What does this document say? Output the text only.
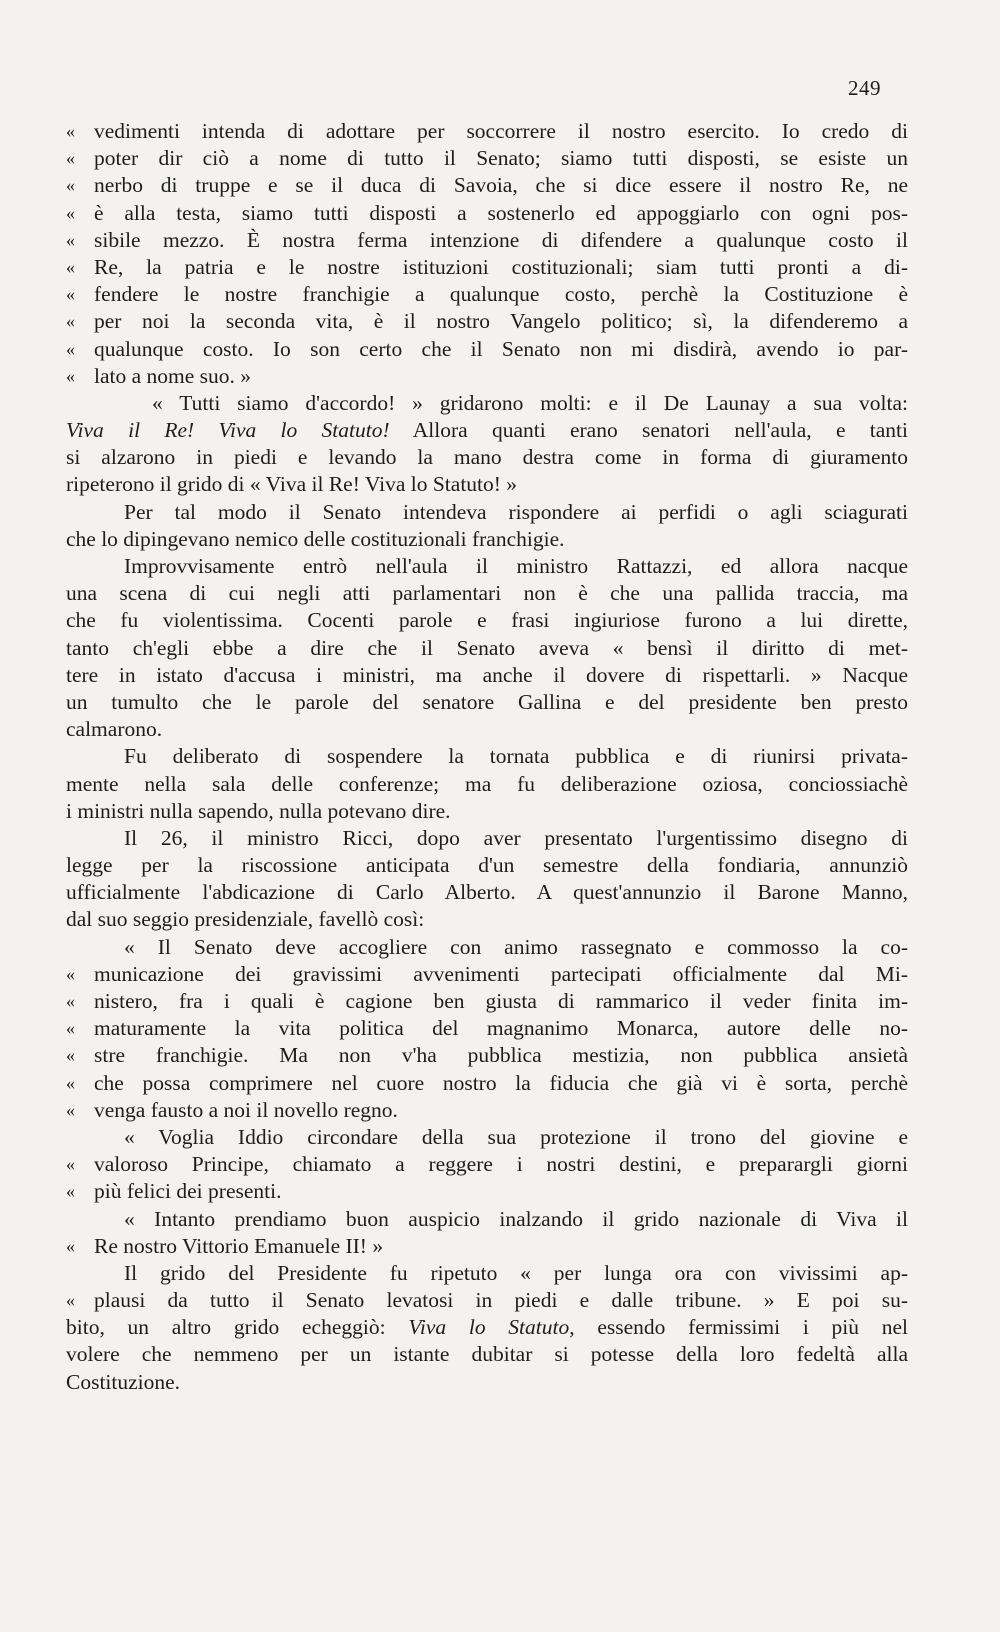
249
« vedimenti intenda di adottare per soccorrere il nostro esercito. Io credo di
« poter dir ciò a nome di tutto il Senato; siamo tutti disposti, se esiste un
« nerbo di truppe e se il duca di Savoia, che si dice essere il nostro Re, ne
« è alla testa, siamo tutti disposti a sostenerlo ed appoggiarlo con ogni pos-
« sibile mezzo. È nostra ferma intenzione di difendere a qualunque costo il
« Re, la patria e le nostre istituzioni costituzionali; siam tutti pronti a di-
« fendere le nostre franchigie a qualunque costo, perchè la Costituzione è
« per noi la seconda vita, è il nostro Vangelo politico; sì, la difenderemo a
« qualunque costo. Io son certo che il Senato non mi disdirà, avendo io par-
« lato a nome suo. »
« Tutti siamo d'accordo! » gridarono molti: e il De Launay a sua volta:
Viva il Re! Viva lo Statuto! Allora quanti erano senatori nell'aula, e tanti
si alzarono in piedi e levando la mano destra come in forma di giuramento
ripeterono il grido di « Viva il Re! Viva lo Statuto! »
Per tal modo il Senato intendeva rispondere ai perfidi o agli sciagurati
che lo dipingevano nemico delle costituzionali franchigie.
Improvvisamente entrò nell'aula il ministro Rattazzi, ed allora nacque
una scena di cui negli atti parlamentari non è che una pallida traccia, ma
che fu violentissima. Cocenti parole e frasi ingiuriose furono a lui dirette,
tanto ch'egli ebbe a dire che il Senato aveva « bensì il diritto di met-
tere in istato d'accusa i ministri, ma anche il dovere di rispettarli. » Nacque
un tumulto che le parole del senatore Gallina e del presidente ben presto
calmarono.
Fu deliberato di sospendere la tornata pubblica e di riunirsi privata-
mente nella sala delle conferenze; ma fu deliberazione oziosa, conciossiachè
i ministri nulla sapendo, nulla potevano dire.
Il 26, il ministro Ricci, dopo aver presentato l'urgentissimo disegno di
legge per la riscossione anticipata d'un semestre della fondiaria, annunziò
ufficialmente l'abdicazione di Carlo Alberto. A quest'annunzio il Barone Manno,
dal suo seggio presidenziale, favellò così:
« Il Senato deve accogliere con animo rassegnato e commosso la co-
« municazione dei gravissimi avvenimenti partecipati officialmente dal Mi-
« nistero, fra i quali è cagione ben giusta di rammarico il veder finita im-
« maturamente la vita politica del magnanimo Monarca, autore delle no-
« stre franchigie. Ma non v'ha pubblica mestizia, non pubblica ansietà
« che possa comprimere nel cuore nostro la fiducia che già vi è sorta, perchè
« venga fausto a noi il novello regno.
« Voglia Iddio circondare della sua protezione il trono del giovine e
« valoroso Principe, chiamato a reggere i nostri destini, e preparargli giorni
« più felici dei presenti.
« Intanto prendiamo buon auspicio inalzando il grido nazionale di Viva il
« Re nostro Vittorio Emanuele II! »
Il grido del Presidente fu ripetuto « per lunga ora con vivissimi ap-
« plausi da tutto il Senato levatosi in piedi e dalle tribune. » E poi su-
bito, un altro grido echeggiò: Viva lo Statuto, essendo fermissimi i più nel
volere che nemmeno per un istante dubitar si potesse della loro fedeltà alla
Costituzione.
